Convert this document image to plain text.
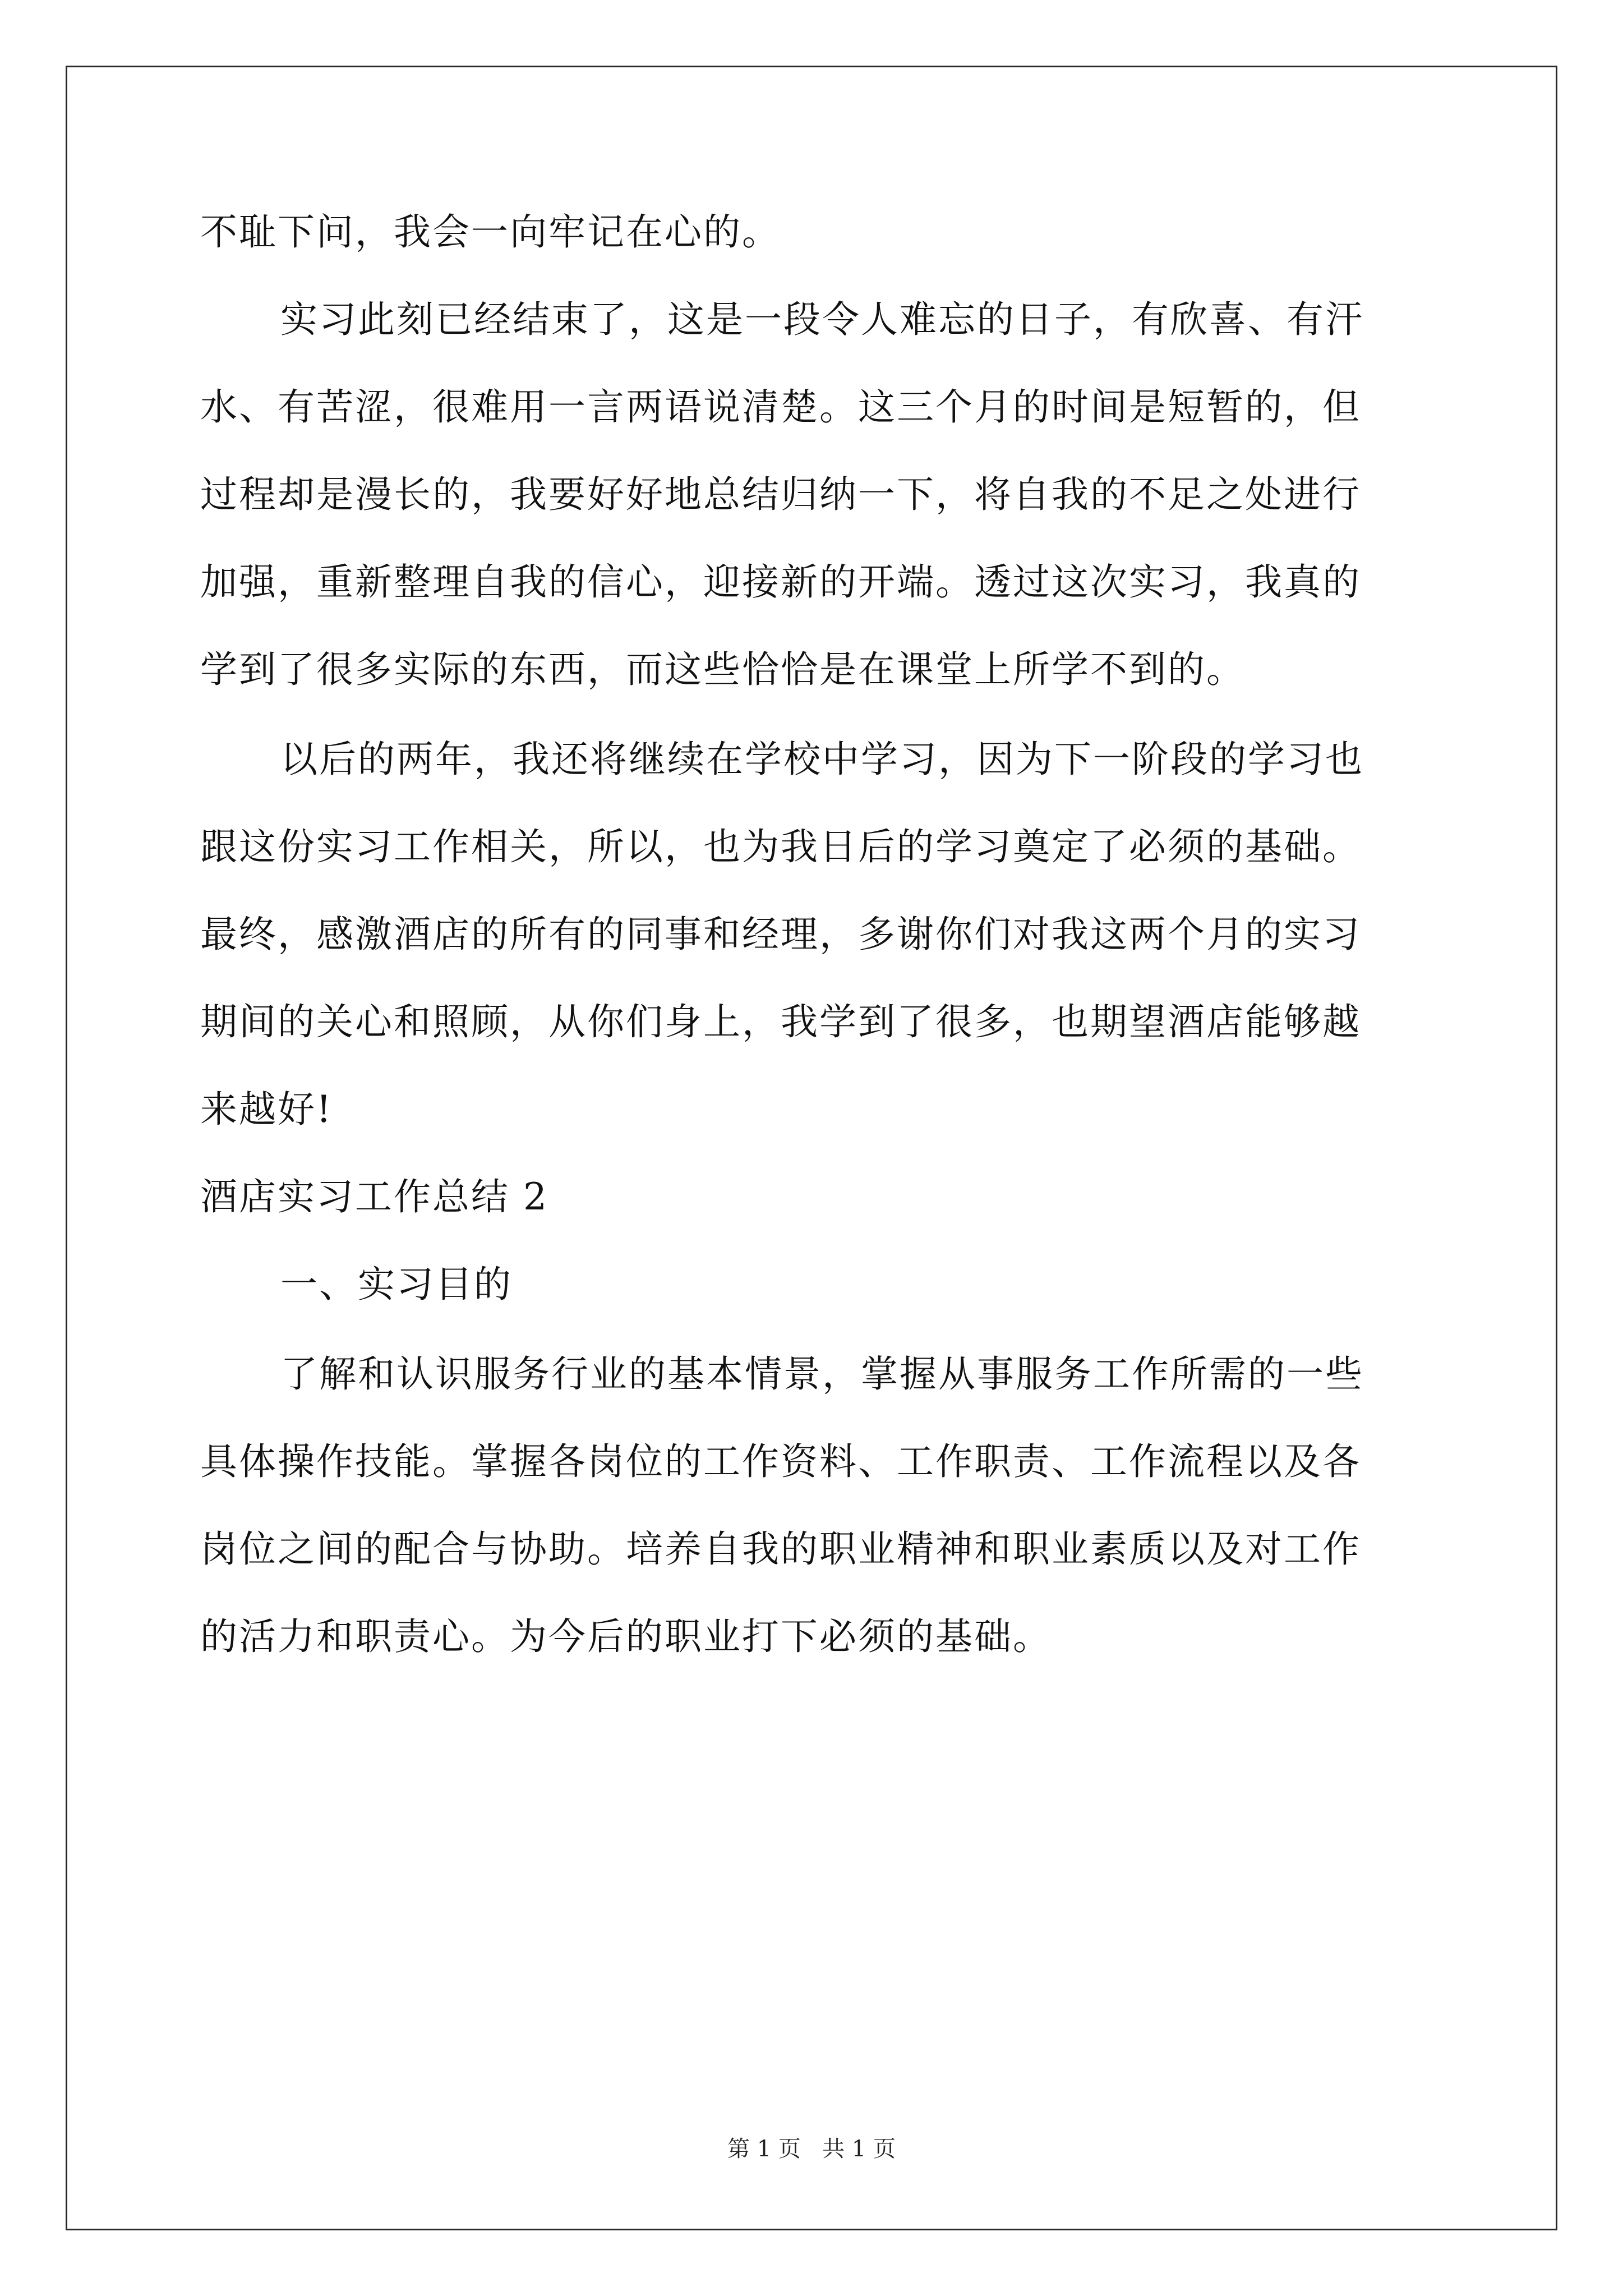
不耻下问，我会一向牢记在心的。

实习此刻已经结束了，这是一段令人难忘的日子，有欣喜、有汗

水、有苦涩，很难用一言两语说清楚。这三个月的时间是短暂的，但

过程却是漫长的，我要好好地总结归纳一下，将自我的不足之处进行

加强，重新整理自我的信心，迎接新的开端。透过这次实习，我真的

学到了很多实际的东西，而这些恰恰是在课堂上所学不到的。

以后的两年，我还将继续在学校中学习，因为下一阶段的学习也

跟这份实习工作相关，所以，也为我日后的学习奠定了必须的基础。

最终，感激酒店的所有的同事和经理，多谢你们对我这两个月的实习

期间的关心和照顾，从你们身上，我学到了很多，也期望酒店能够越

来越好!

酒店实习工作总结 2

一、实习目的

了解和认识服务行业的基本情景，掌握从事服务工作所需的一些

具体操作技能。掌握各岗位的工作资料、工作职责、工作流程以及各

岗位之间的配合与协助。培养自我的职业精神和职业素质以及对工作

的活力和职责心。为今后的职业打下必须的基础。

第 1 页   共 1 页
